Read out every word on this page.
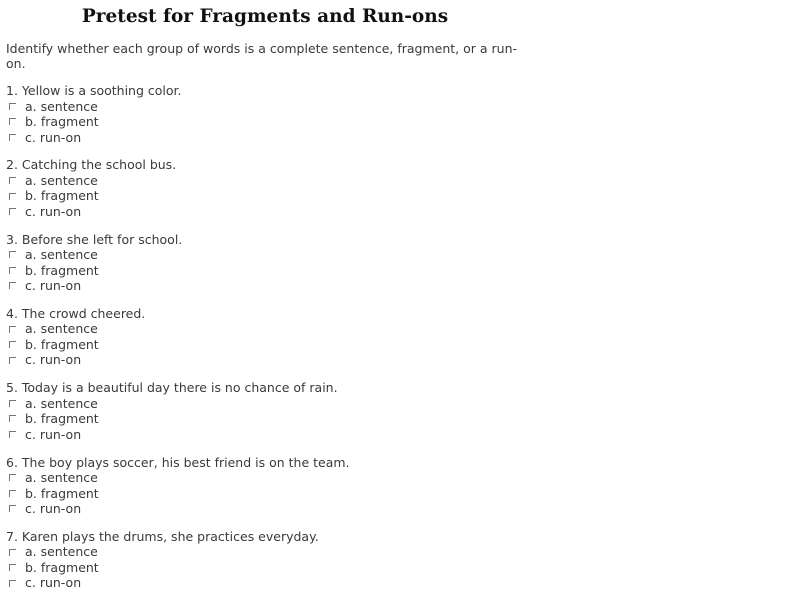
Pretest for Fragments and Run-ons

Identify whether each group of words is a complete sentence, fragment, or a run-on.

1. Yellow is a soothing color.
a. sentence
b. fragment
c. run-on
2. Catching the school bus.
a. sentence
b. fragment
c. run-on
3. Before she left for school.
a. sentence
b. fragment
c. run-on
4. The crowd cheered.
a. sentence
b. fragment
c. run-on
5. Today is a beautiful day there is no chance of rain.
a. sentence
b. fragment
c. run-on
6. The boy plays soccer, his best friend is on the team.
a. sentence
b. fragment
c. run-on
7. Karen plays the drums, she practices everyday.
a. sentence
b. fragment
c. run-on
